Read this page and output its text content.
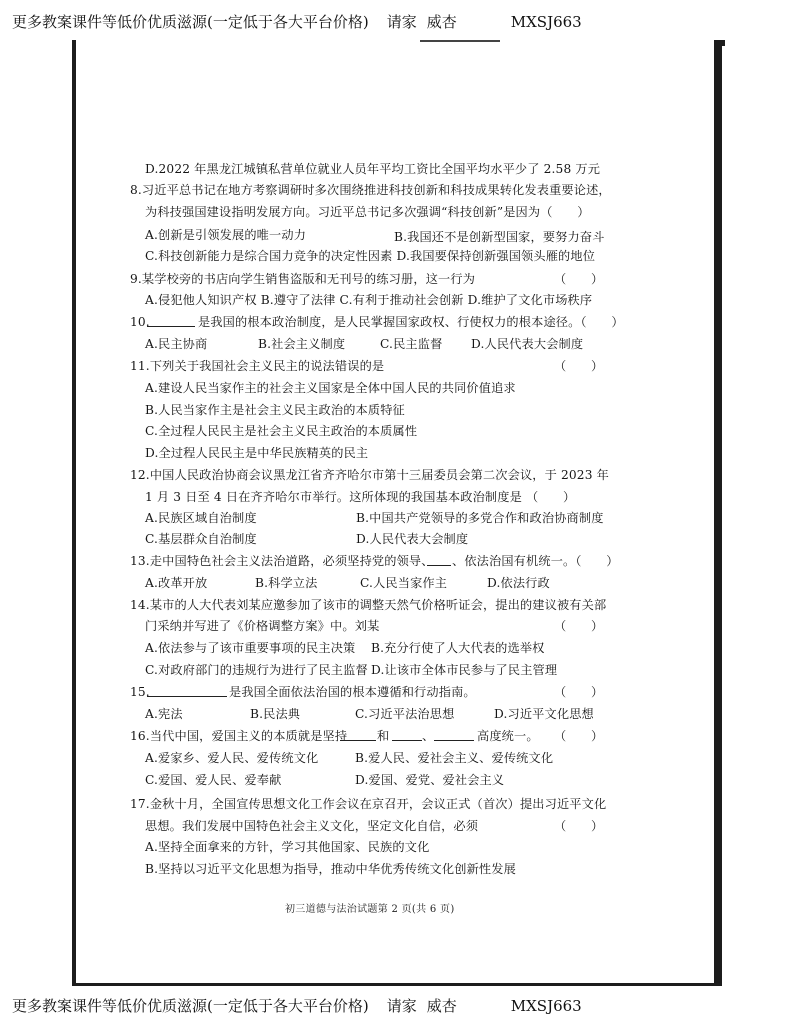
更多教案课件等低价优质滋源(一定低于各大平台价格) 请家 威杏	MXSJ663
D.2022 年黑龙江城镇私营单位就业人员年平均工资比全国平均水平少了 2.58 万元
8.习近平总书记在地方考察调研时多次围绕推进科技创新和科技成果转化发表重要论述，
为科技强国建设指明发展方向。习近平总书记多次强调“科技创新”是因为（　　）
A.创新是引领发展的唯一动力	B.我国还不是创新型国家，要努力奋斗
C.科技创新能力是综合国力竞争的决定性因素 D.我国要保持创新强国领头雁的地位
9.某学校旁的书店向学生销售盗版和无刊号的练习册，这一行为	（　　）
A.侵犯他人知识产权 B.遵守了法律 C.有利于推动社会创新 D.维护了文化市场秩序
10.	是我国的根本政治制度，是人民掌握国家政权、行使权力的根本途径。（　　）
A.民主协商	B.社会主义制度	C.民主监督 D.人民代表大会制度
11.下列关于我国社会主义民主的说法错误的是	（　　）
A.建设人民当家作主的社会主义国家是全体中国人民的共同价值追求
B.人民当家作主是社会主义民主政治的本质特征
C.全过程人民民主是社会主义民主政治的本质属性
D.全过程人民民主是中华民族精英的民主
12.中国人民政治协商会议黑龙江省齐齐哈尔市第十三届委员会第二次会议，于 2023 年
1 月 3 日至 4 日在齐齐哈尔市举行。这所体现的我国基本政治制度是 （　　）
A.民族区域自治制度	B.中国共产党领导的多党合作和政治协商制度
C.基层群众自治制度	D.人民代表大会制度
13.走中国特色社会主义法治道路，必须坚持党的领导、 、依法治国有机统一。（　　）
A.改革开放	B.科学立法	C.人民当家作主	D.依法行政
14.某市的人大代表刘某应邀参加了该市的调整天然气价格听证会，提出的建议被有关部
门采纳并写进了《价格调整方案》中。刘某	（　　）
A.依法参与了该市重要事项的民主决策 B.充分行使了人大代表的选举权
C.对政府部门的违规行为进行了民主监督 D.让该市全体市民参与了民主管理
15.	是我国全面依法治国的根本遵循和行动指南。	（　　）
A.宪法	B.民法典	C.习近平法治思想	D.习近平文化思想
16.当代中国，爱国主义的本质就是坚持 和	、	高度统一。 （　　）
A.爱家乡、爱人民、爱传统文化	B.爱人民、爱社会主义、爱传统文化
C.爱国、爱人民、爱奉献	D.爱国、爱党、爱社会主义
17.金秋十月，全国宣传思想文化工作会议在京召开，会议正式（首次）提出习近平文化
思想。我们发展中国特色社会主义文化，坚定文化自信，必须	（　　）
A.坚持全面拿来的方针，学习其他国家、民族的文化
B.坚持以习近平文化思想为指导，推动中华优秀传统文化创新性发展
初三道德与法治试题第 2 页(共 6 页)
更多教案课件等低价优质滋源(一定低于各大平台价格) 请家 威杏	MXSJ663
